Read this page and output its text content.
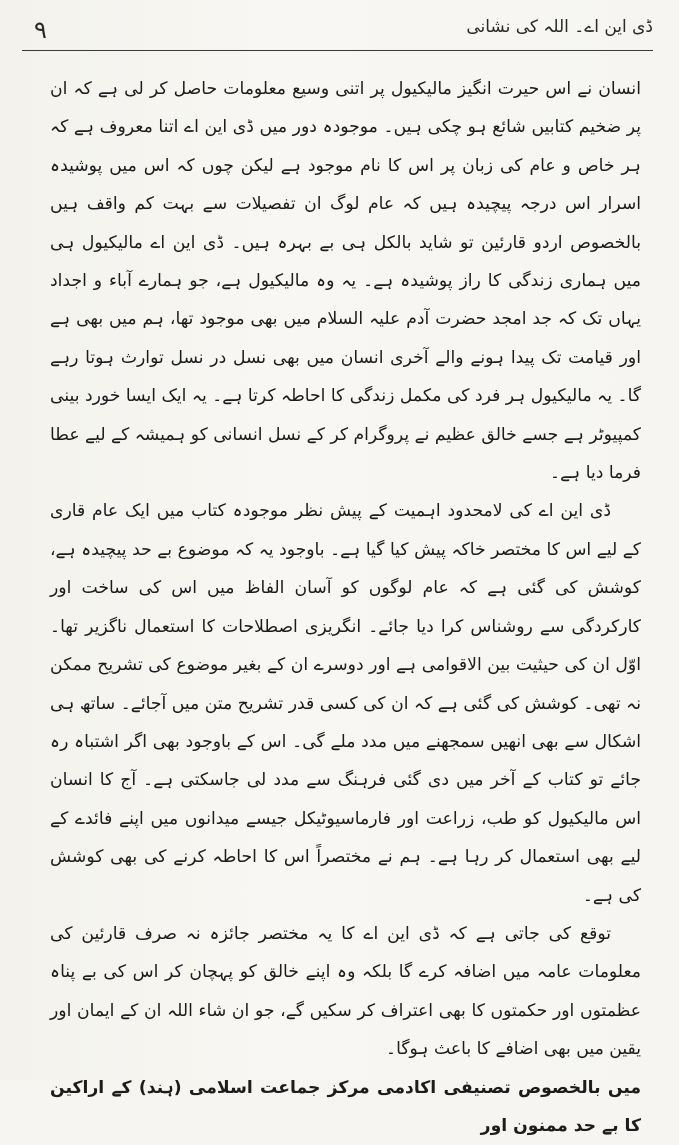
۹	ڈی این اے۔ اللہ کی نشانی

انسان نے اس حیرت انگیز مالیکیول پر اتنی وسیع معلومات حاصل کر لی ہے کہ ان پر ضخیم کتابیں شائع ہو چکی ہیں۔ موجودہ دور میں ڈی این اے اتنا معروف ہے کہ ہر خاص و عام کی زبان پر اس کا نام موجود ہے لیکن چوں کہ اس میں پوشیدہ اسرار اس درجہ پیچیدہ ہیں کہ عام لوگ ان تفصیلات سے بہت کم واقف ہیں بالخصوص اردو قارئین تو شاید بالکل ہی بے بہرہ ہیں۔ ڈی این اے مالیکیول ہی میں ہماری زندگی کا راز پوشیدہ ہے۔ یہ وہ مالیکیول ہے، جو ہمارے آباء و اجداد یہاں تک کہ جد امجد حضرت آدم علیہ السلام میں بھی موجود تھا، ہم میں بھی ہے اور قیامت تک پیدا ہونے والے آخری انسان میں بھی نسل در نسل توارث ہوتا رہے گا۔ یہ مالیکیول ہر فرد کی مکمل زندگی کا احاطہ کرتا ہے۔ یہ ایک ایسا خورد بینی کمپیوٹر ہے جسے خالق عظیم نے پروگرام کر کے نسل انسانی کو ہمیشہ کے لیے عطا فرما دیا ہے۔

ڈی این اے کی لامحدود اہمیت کے پیش نظر موجودہ کتاب میں ایک عام قاری کے لیے اس کا مختصر خاکہ پیش کیا گیا ہے۔ باوجود یہ کہ موضوع بے حد پیچیدہ ہے، کوشش کی گئی ہے کہ عام لوگوں کو آسان الفاظ میں اس کی ساخت اور کارکردگی سے روشناس کرا دیا جائے۔ انگریزی اصطلاحات کا استعمال ناگزیر تھا۔ اوّل ان کی حیثیت بین الاقوامی ہے اور دوسرے ان کے بغیر موضوع کی تشریح ممکن نہ تھی۔ کوشش کی گئی ہے کہ ان کی کسی قدر تشریح متن میں آجائے۔ ساتھ ہی اشکال سے بھی انھیں سمجھنے میں مدد ملے گی۔ اس کے باوجود بھی اگر اشتباہ رہ جائے تو کتاب کے آخر میں دی گئی فرہنگ سے مدد لی جاسکتی ہے۔ آج کا انسان اس مالیکیول کو طب، زراعت اور فارماسیوٹیکل جیسے میدانوں میں اپنے فائدے کے لیے بھی استعمال کر رہا ہے۔ ہم نے مختصراً اس کا احاطہ کرنے کی بھی کوشش کی ہے۔

توقع کی جاتی ہے کہ ڈی این اے کا یہ مختصر جائزہ نہ صرف قارئین کی معلومات عامہ میں اضافہ کرے گا بلکہ وہ اپنے خالق کو پہچان کر اس کی بے پناہ عظمتوں اور حکمتوں کا بھی اعتراف کر سکیں گے، جو ان شاء اللہ ان کے ایمان اور یقین میں بھی اضافے کا باعث ہوگا۔

میں بالخصوص تصنیفی اکادمی مرکز جماعت اسلامی (ہند) کے اراکین کا بے حد ممنون اور
